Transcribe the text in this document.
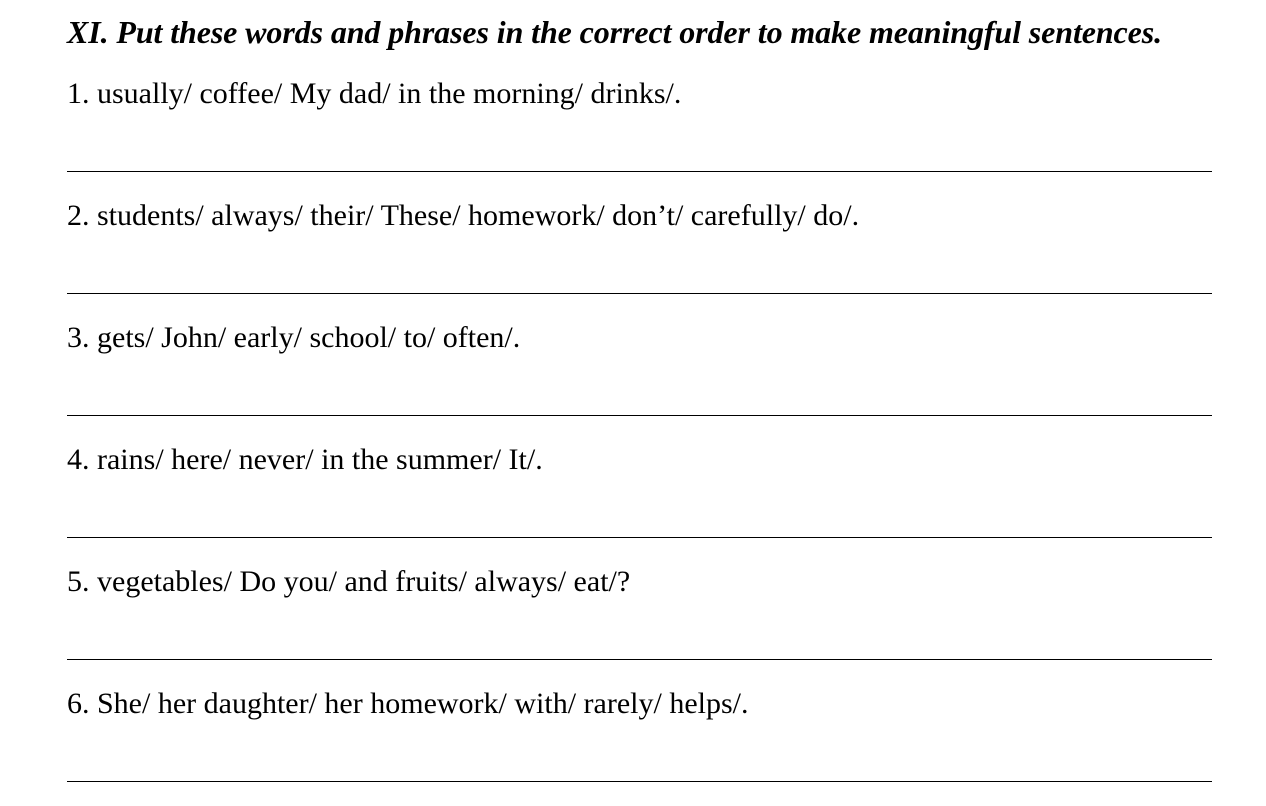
XI. Put these words and phrases in the correct order to make meaningful sentences.

1. usually/ coffee/ My dad/ in the morning/ drinks/.

2. students/ always/ their/ These/ homework/ don’t/ carefully/ do/.

3. gets/ John/ early/ school/ to/ often/.

4. rains/ here/ never/ in the summer/ It/.

5. vegetables/ Do you/ and fruits/ always/ eat/?

6. She/ her daughter/ her homework/ with/ rarely/ helps/.
